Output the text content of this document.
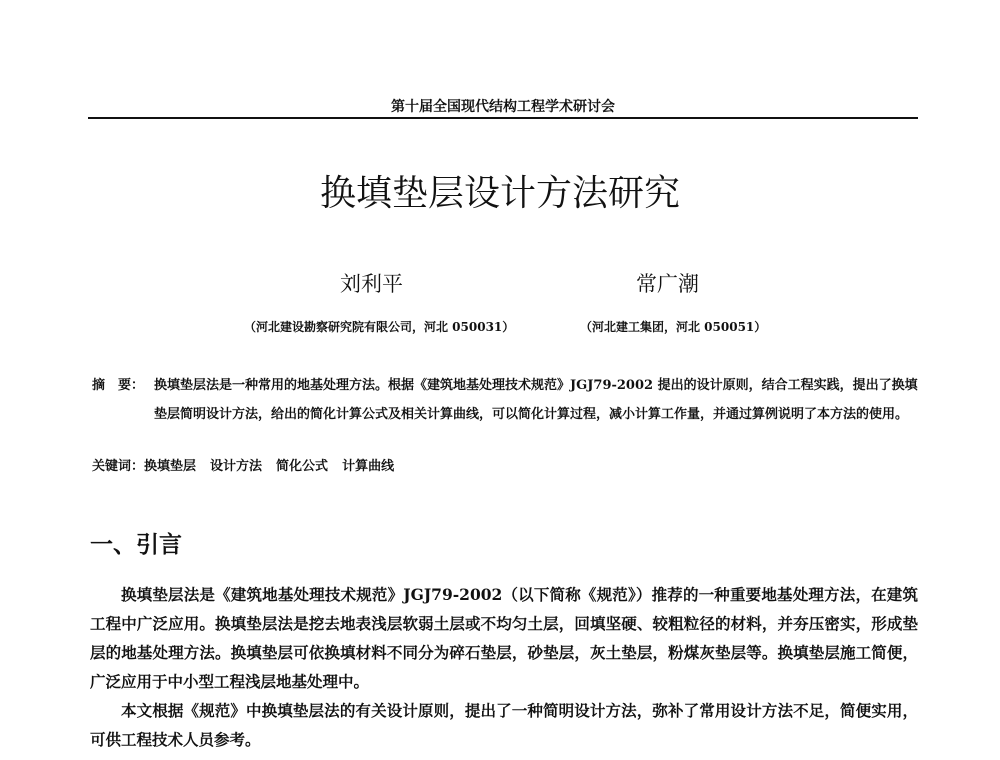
第十届全国现代结构工程学术研讨会
换填垫层设计方法研究
刘利平	常广潮
（河北建设勘察研究院有限公司，河北 050031）	（河北建工集团，河北 050051）
摘　要： 换填垫层法是一种常用的地基处理方法。根据《建筑地基处理技术规范》JGJ79-2002 提出的设计原则，结合工程实践，提出了换填垫层简明设计方法，给出的简化计算公式及相关计算曲线，可以简化计算过程，减小计算工作量，并通过算例说明了本方法的使用。
关键词：换填垫层 设计方法 简化公式 计算曲线
一、引言

换填垫层法是《建筑地基处理技术规范》JGJ79-2002（以下简称《规范》）推荐的一种重要地基处理方法，在建筑工程中广泛应用。换填垫层法是挖去地表浅层软弱土层或不均匀土层，回填坚硬、较粗粒径的材料，并夯压密实，形成垫层的地基处理方法。换填垫层可依换填材料不同分为碎石垫层，砂垫层，灰土垫层，粉煤灰垫层等。换填垫层施工简便，广泛应用于中小型工程浅层地基处理中。

本文根据《规范》中换填垫层法的有关设计原则，提出了一种简明设计方法，弥补了常用设计方法不足，简便实用，可供工程技术人员参考。
